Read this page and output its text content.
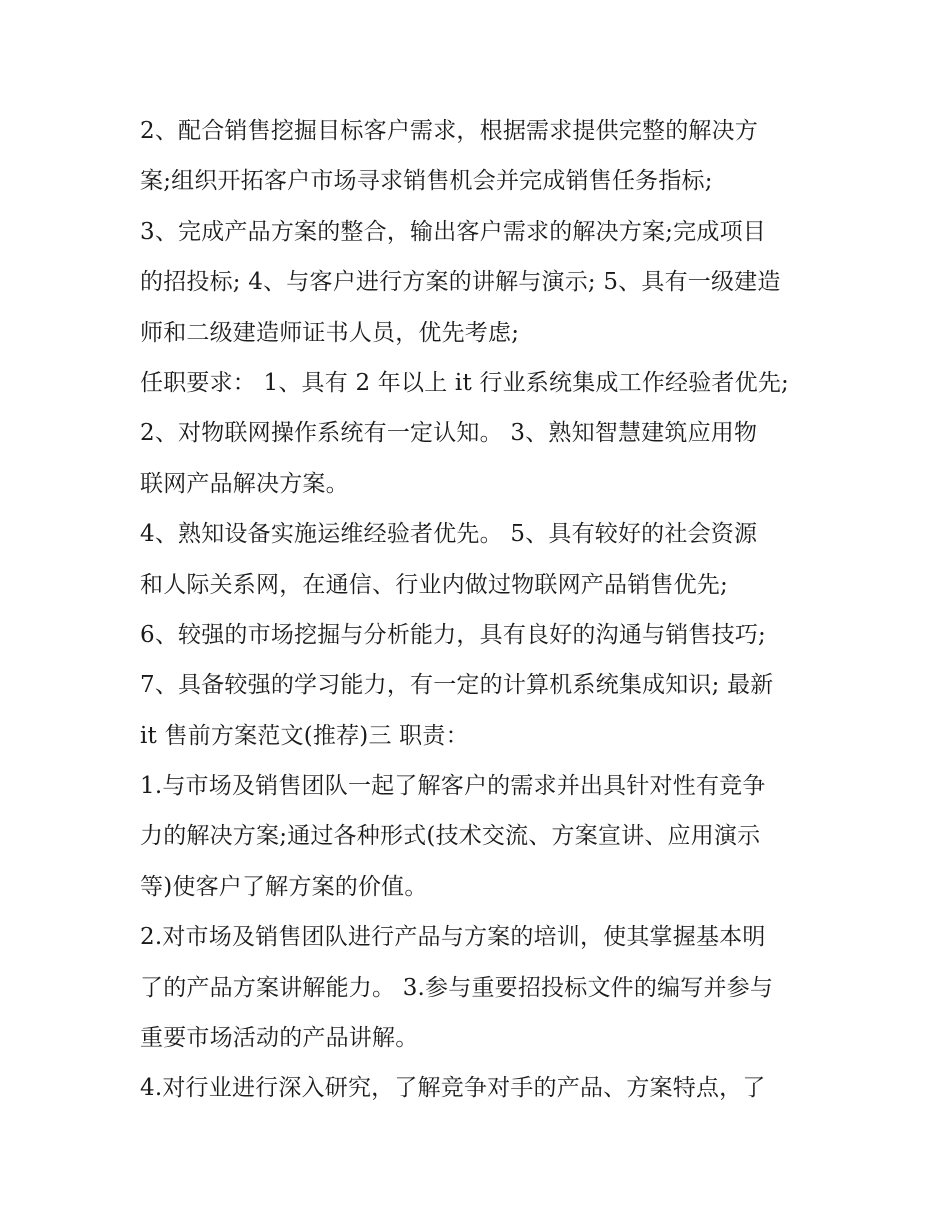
2、配合销售挖掘目标客户需求，根据需求提供完整的解决方
案;组织开拓客户市场寻求销售机会并完成销售任务指标;
3、完成产品方案的整合，输出客户需求的解决方案;完成项目
的招投标; 4、与客户进行方案的讲解与演示; 5、具有一级建造
师和二级建造师证书人员，优先考虑;
任职要求： 1、具有 2 年以上 it 行业系统集成工作经验者优先;
2、对物联网操作系统有一定认知。 3、熟知智慧建筑应用物
联网产品解决方案。
4、熟知设备实施运维经验者优先。 5、具有较好的社会资源
和人际关系网，在通信、行业内做过物联网产品销售优先;
6、较强的市场挖掘与分析能力，具有良好的沟通与销售技巧;
7、具备较强的学习能力，有一定的计算机系统集成知识; 最新
it 售前方案范文(推荐)三 职责：
1.与市场及销售团队一起了解客户的需求并出具针对性有竞争
力的解决方案;通过各种形式(技术交流、方案宣讲、应用演示
等)使客户了解方案的价值。
2.对市场及销售团队进行产品与方案的培训，使其掌握基本明
了的产品方案讲解能力。 3.参与重要招投标文件的编写并参与
重要市场活动的产品讲解。
4.对行业进行深入研究，了解竞争对手的产品、方案特点，了
